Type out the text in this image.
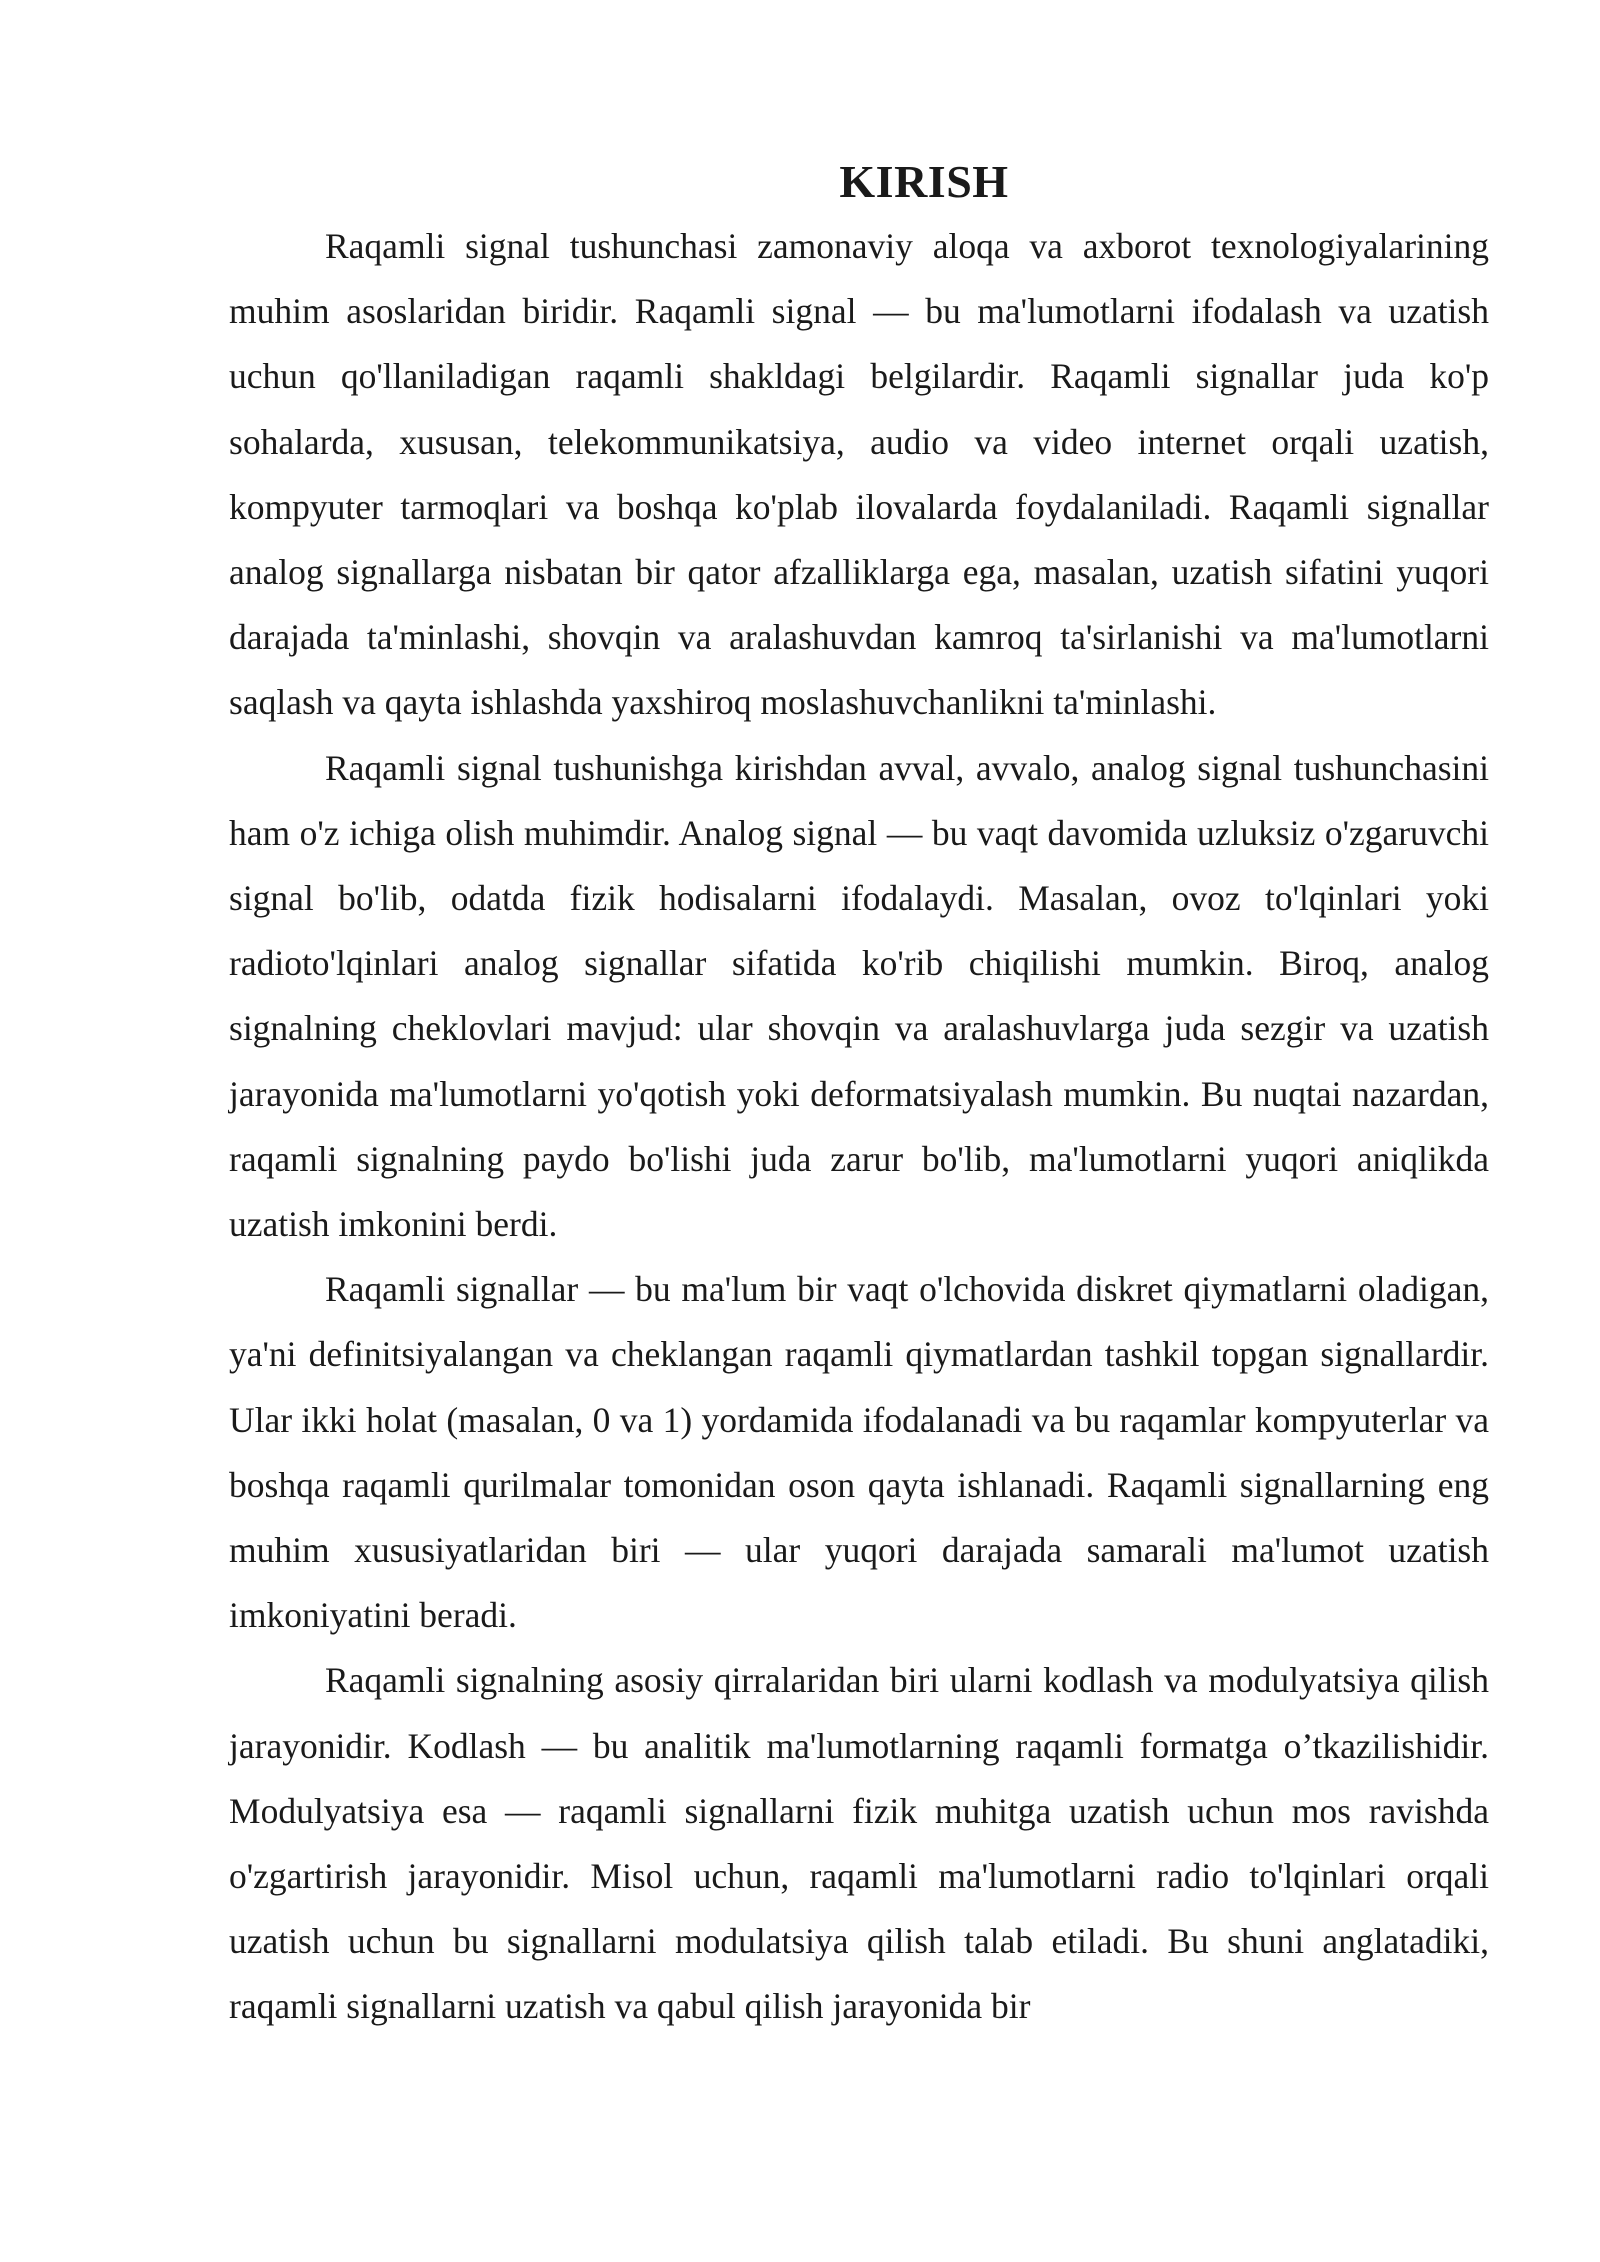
KIRISH

Raqamli signal tushunchasi zamonaviy aloqa va axborot texnologiyalarining muhim asoslaridan biridir. Raqamli signal — bu ma'lumotlarni ifodalash va uzatish uchun qo'llaniladigan raqamli shakldagi belgilardir. Raqamli signallar juda ko'p sohalarda, xususan, telekommunikatsiya, audio va video internet orqali uzatish, kompyuter tarmoqlari va boshqa ko'plab ilovalarda foydalaniladi. Raqamli signallar analog signallarga nisbatan bir qator afzalliklarga ega, masalan, uzatish sifatini yuqori darajada ta'minlashi, shovqin va aralashuvdan kamroq ta'sirlanishi va ma'lumotlarni saqlash va qayta ishlashda yaxshiroq moslashuvchanlikni ta'minlashi.

Raqamli signal tushunishga kirishdan avval, avvalo, analog signal tushunchasini ham o'z ichiga olish muhimdir. Analog signal — bu vaqt davomida uzluksiz o'zgaruvchi signal bo'lib, odatda fizik hodisalarni ifodalaydi. Masalan, ovoz to'lqinlari yoki radioto'lqinlari analog signallar sifatida ko'rib chiqilishi mumkin. Biroq, analog signalning cheklovlari mavjud: ular shovqin va aralashuvlarga juda sezgir va uzatish jarayonida ma'lumotlarni yo'qotish yoki deformatsiyalash mumkin. Bu nuqtai nazardan, raqamli signalning paydo bo'lishi juda zarur bo'lib, ma'lumotlarni yuqori aniqlikda uzatish imkonini berdi.

Raqamli signallar — bu ma'lum bir vaqt o'lchovida diskret qiymatlarni oladigan, ya'ni definitsiyalangan va cheklangan raqamli qiymatlardan tashkil topgan signallardir. Ular ikki holat (masalan, 0 va 1) yordamida ifodalanadi va bu raqamlar kompyuterlar va boshqa raqamli qurilmalar tomonidan oson qayta ishlanadi. Raqamli signallarning eng muhim xususiyatlaridan biri — ular yuqori darajada samarali ma'lumot uzatish imkoniyatini beradi.

Raqamli signalning asosiy qirralaridan biri ularni kodlash va modulyatsiya qilish jarayonidir. Kodlash — bu analitik ma'lumotlarning raqamli formatga o’tkazilishidir. Modulyatsiya esa — raqamli signallarni fizik muhitga uzatish uchun mos ravishda o'zgartirish jarayonidir. Misol uchun, raqamli ma'lumotlarni radio to'lqinlari orqali uzatish uchun bu signallarni modulatsiya qilish talab etiladi. Bu shuni anglatadiki, raqamli signallarni uzatish va qabul qilish jarayonida bir
